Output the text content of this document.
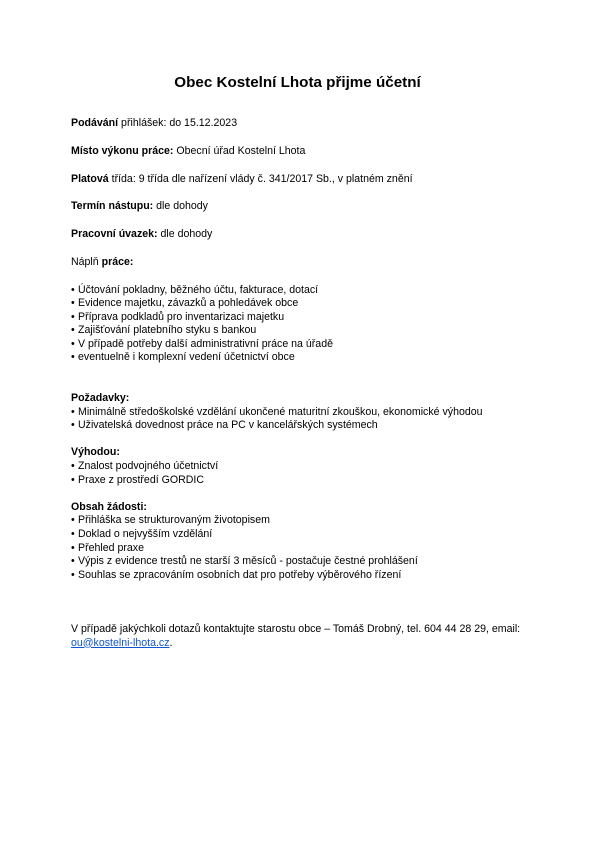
Obec Kostelní Lhota přijme účetní

Podávání přihlášek: do 15.12.2023

Místo výkonu práce: Obecní úřad Kostelní Lhota

Platová třída: 9 třída dle nařízení vlády č. 341/2017 Sb., v platném znění

Termín nástupu: dle dohody

Pracovní úvazek: dle dohody

Náplň práce:

• Účtování pokladny, běžného účtu, fakturace, dotací
• Evidence majetku, závazků a pohledávek obce
• Příprava podkladů pro inventarizaci majetku
• Zajišťování platebního styku s bankou
• V případě potřeby další administrativní práce na úřadě
• eventuelně i komplexní vedení účetnictví obce

Požadavky:

• Minimálně středoškolské vzdělání ukončené maturitní zkouškou, ekonomické výhodou
• Uživatelská dovednost práce na PC v kancelářských systémech

Výhodou:

• Znalost podvojného účetnictví
• Praxe z prostředí GORDIC

Obsah žádosti:

• Přihláška se strukturovaným životopisem
• Doklad o nejvyšším vzdělání
• Přehled praxe
• Výpis z evidence trestů ne starší 3 měsíců - postačuje čestné prohlášení
• Souhlas se zpracováním osobních dat pro potřeby výběrového řízení

V případě jakýchkoli dotazů kontaktujte starostu obce – Tomáš Drobný, tel. 604 44 28 29, email: ou@kostelni-lhota.cz.
